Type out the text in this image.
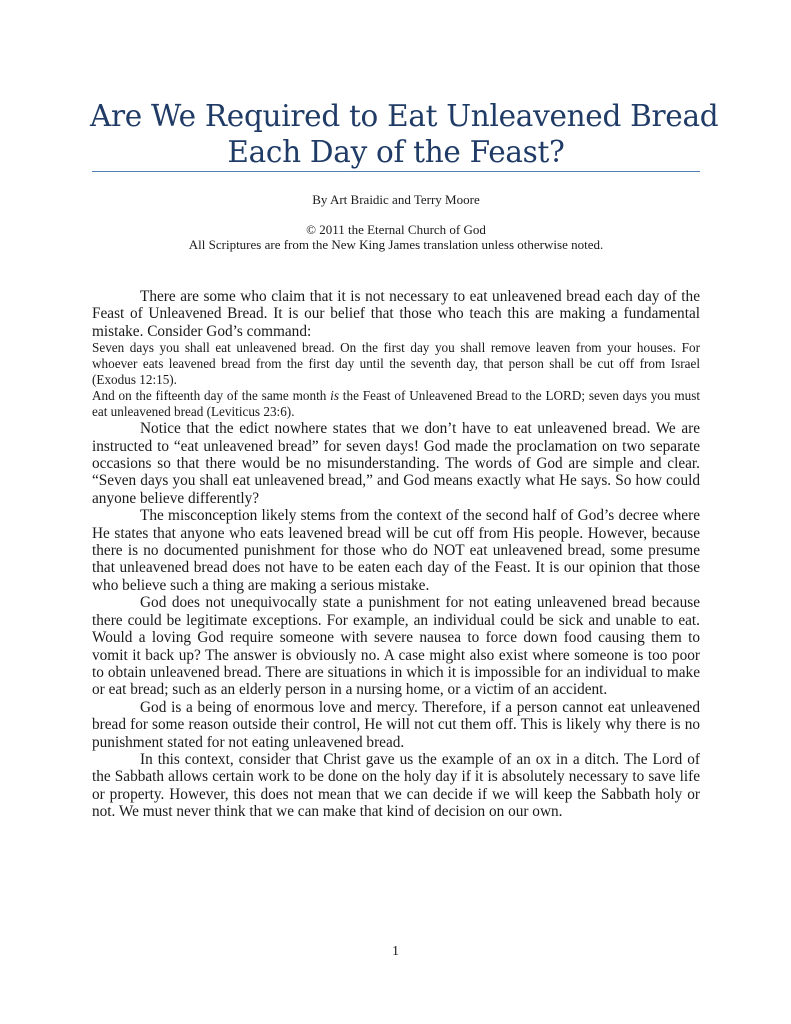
Are We Required to Eat Unleavened Bread
Each Day of the Feast?
By Art Braidic and Terry Moore
© 2011 the Eternal Church of God
All Scriptures are from the New King James translation unless otherwise noted.

There are some who claim that it is not necessary to eat unleavened bread each day of the Feast of Unleavened Bread. It is our belief that those who teach this are making a fundamental mistake. Consider God’s command:

Seven days you shall eat unleavened bread. On the first day you shall remove leaven from your houses. For whoever eats leavened bread from the first day until the seventh day, that person shall be cut off from Israel (Exodus 12:15).

And on the fifteenth day of the same month is the Feast of Unleavened Bread to the LORD; seven days you must eat unleavened bread (Leviticus 23:6).

Notice that the edict nowhere states that we don’t have to eat unleavened bread. We are instructed to “eat unleavened bread” for seven days! God made the proclamation on two separate occasions so that there would be no misunderstanding. The words of God are simple and clear. “Seven days you shall eat unleavened bread,” and God means exactly what He says. So how could anyone believe differently?

The misconception likely stems from the context of the second half of God’s decree where He states that anyone who eats leavened bread will be cut off from His people. However, because there is no documented punishment for those who do NOT eat unleavened bread, some presume that unleavened bread does not have to be eaten each day of the Feast. It is our opinion that those who believe such a thing are making a serious mistake.

God does not unequivocally state a punishment for not eating unleavened bread because there could be legitimate exceptions. For example, an individual could be sick and unable to eat. Would a loving God require someone with severe nausea to force down food causing them to vomit it back up? The answer is obviously no. A case might also exist where someone is too poor to obtain unleavened bread. There are situations in which it is impossible for an individual to make or eat bread; such as an elderly person in a nursing home, or a victim of an accident.

God is a being of enormous love and mercy. Therefore, if a person cannot eat unleavened bread for some reason outside their control, He will not cut them off. This is likely why there is no punishment stated for not eating unleavened bread.

In this context, consider that Christ gave us the example of an ox in a ditch. The Lord of the Sabbath allows certain work to be done on the holy day if it is absolutely necessary to save life or property. However, this does not mean that we can decide if we will keep the Sabbath holy or not. We must never think that we can make that kind of decision on our own.

1
